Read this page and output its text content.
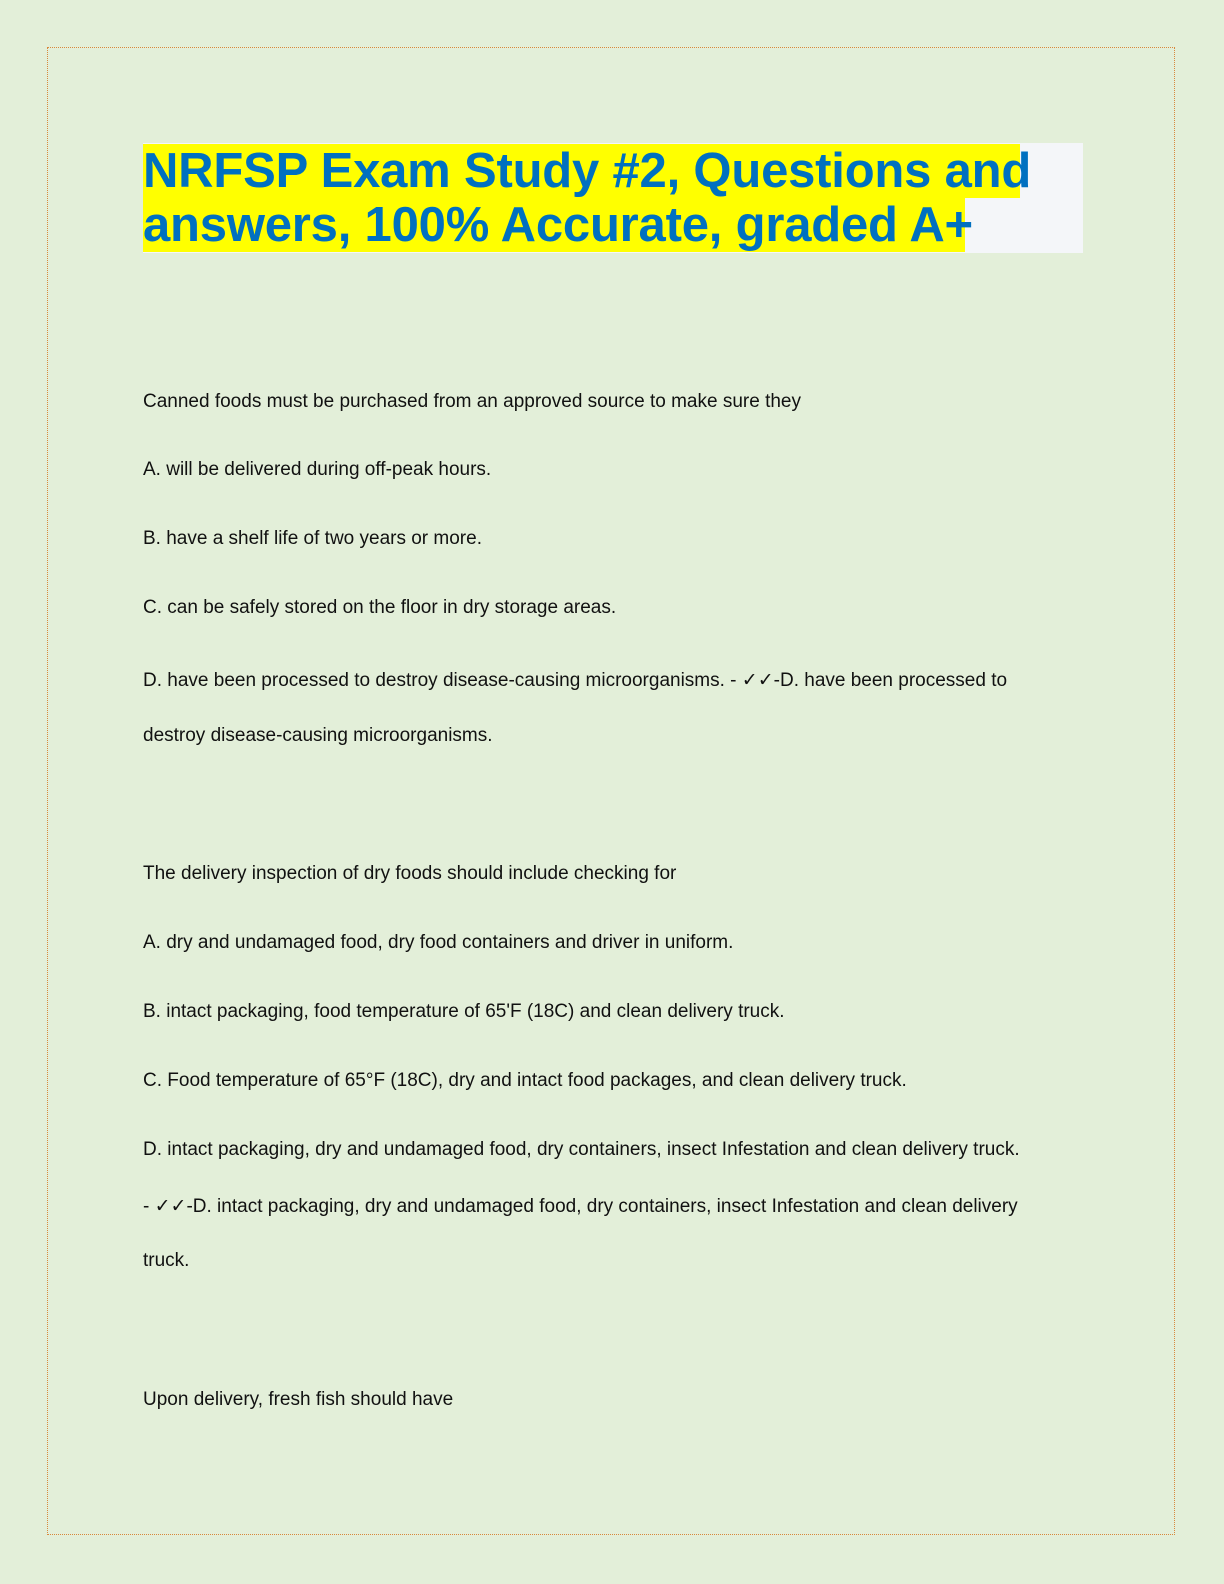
NRFSP Exam Study #2, Questions and
answers, 100% Accurate, graded A+
Canned foods must be purchased from an approved source to make sure they
A. will be delivered during off-peak hours.
B. have a shelf life of two years or more.
C. can be safely stored on the floor in dry storage areas.
D. have been processed to destroy disease-causing microorganisms. - ✓✓-D. have been processed to
destroy disease-causing microorganisms.
The delivery inspection of dry foods should include checking for
A. dry and undamaged food, dry food containers and driver in uniform.
B. intact packaging, food temperature of 65'F (18C) and clean delivery truck.
C. Food temperature of 65°F (18C), dry and intact food packages, and clean delivery truck.
D. intact packaging, dry and undamaged food, dry containers, insect Infestation and clean delivery truck.
- ✓✓-D. intact packaging, dry and undamaged food, dry containers, insect Infestation and clean delivery
truck.
Upon delivery, fresh fish should have
